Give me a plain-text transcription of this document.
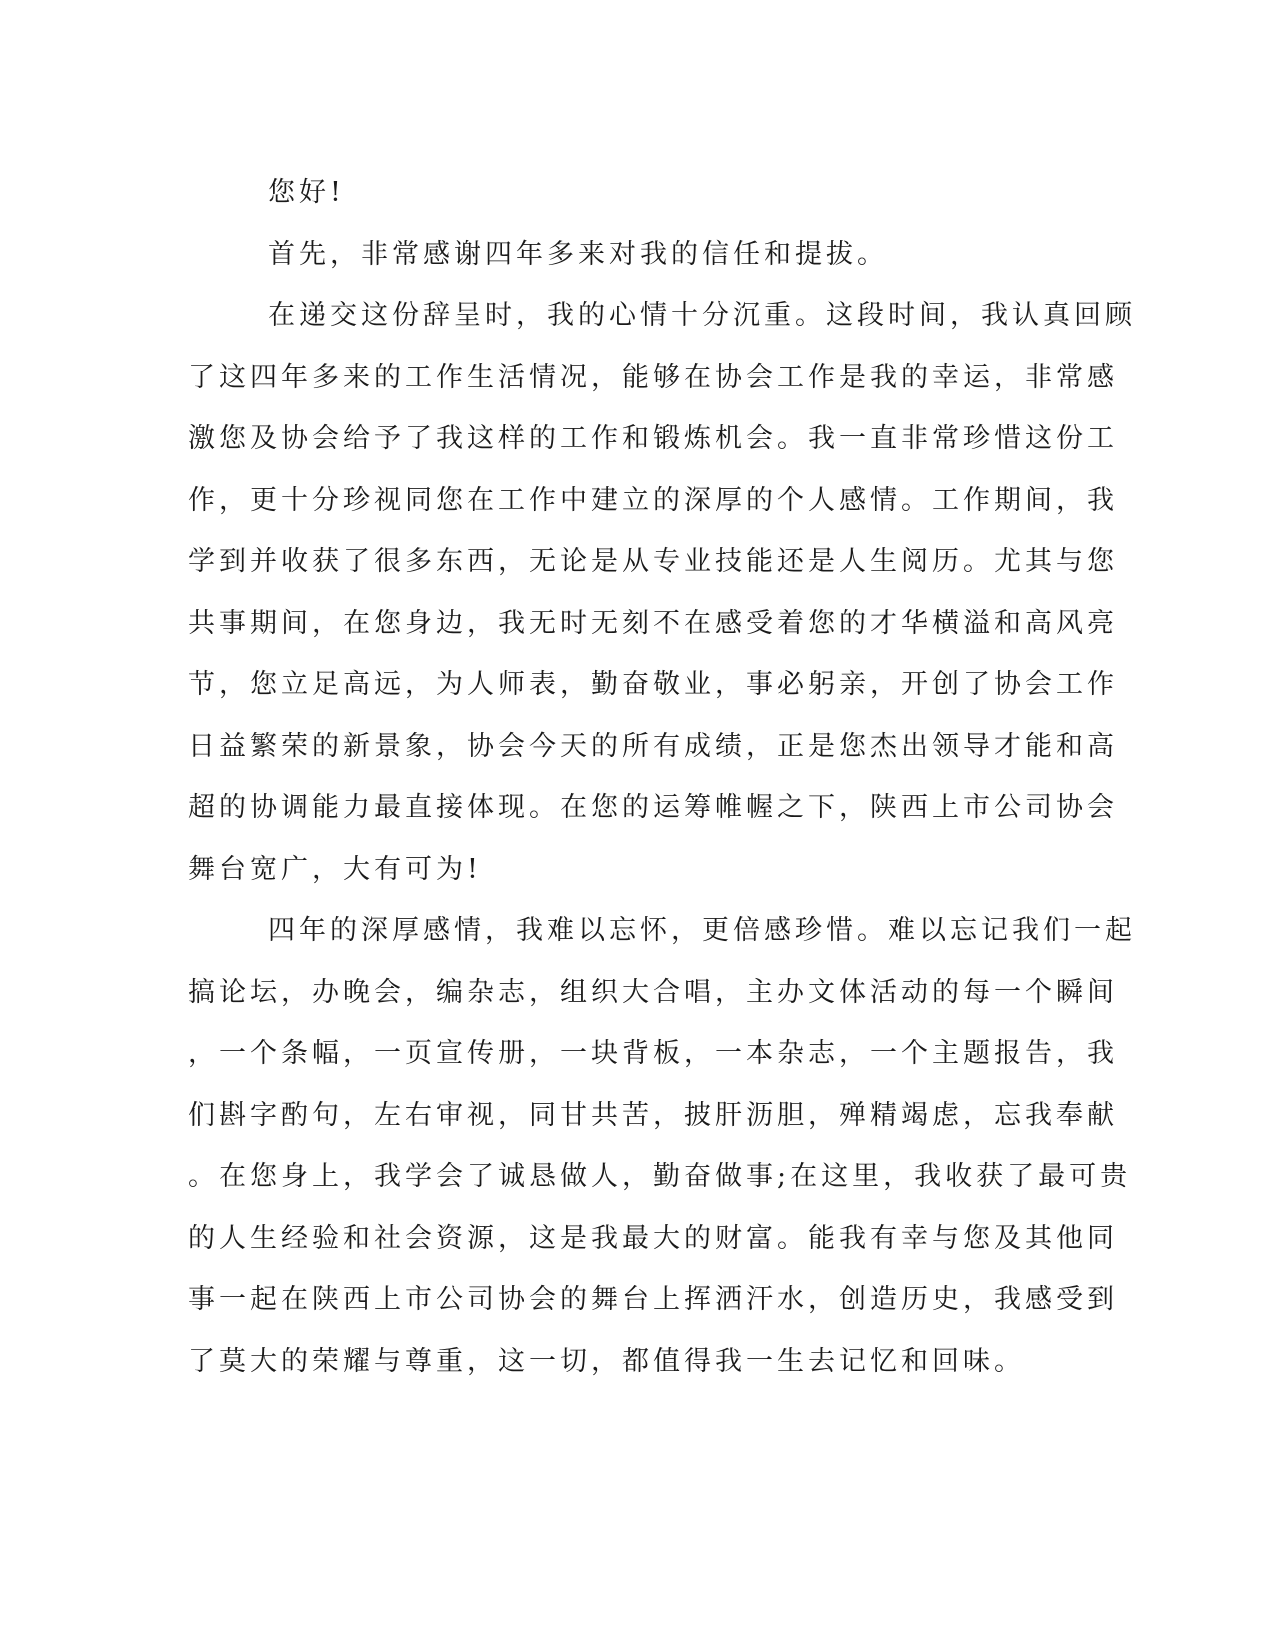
您好!
首先，非常感谢四年多来对我的信任和提拔。
在递交这份辞呈时，我的心情十分沉重。这段时间，我认真回顾
了这四年多来的工作生活情况，能够在协会工作是我的幸运，非常感
激您及协会给予了我这样的工作和锻炼机会。我一直非常珍惜这份工
作，更十分珍视同您在工作中建立的深厚的个人感情。工作期间，我
学到并收获了很多东西，无论是从专业技能还是人生阅历。尤其与您
共事期间，在您身边，我无时无刻不在感受着您的才华横溢和高风亮
节，您立足高远，为人师表，勤奋敬业，事必躬亲，开创了协会工作
日益繁荣的新景象，协会今天的所有成绩，正是您杰出领导才能和高
超的协调能力最直接体现。在您的运筹帷幄之下，陕西上市公司协会
舞台宽广，大有可为!
四年的深厚感情，我难以忘怀，更倍感珍惜。难以忘记我们一起
搞论坛，办晚会，编杂志，组织大合唱，主办文体活动的每一个瞬间
，一个条幅，一页宣传册，一块背板，一本杂志，一个主题报告，我
们斟字酌句，左右审视，同甘共苦，披肝沥胆，殚精竭虑，忘我奉献
。在您身上，我学会了诚恳做人，勤奋做事;在这里，我收获了最可贵
的人生经验和社会资源，这是我最大的财富。能我有幸与您及其他同
事一起在陕西上市公司协会的舞台上挥洒汗水，创造历史，我感受到
了莫大的荣耀与尊重，这一切，都值得我一生去记忆和回味。
